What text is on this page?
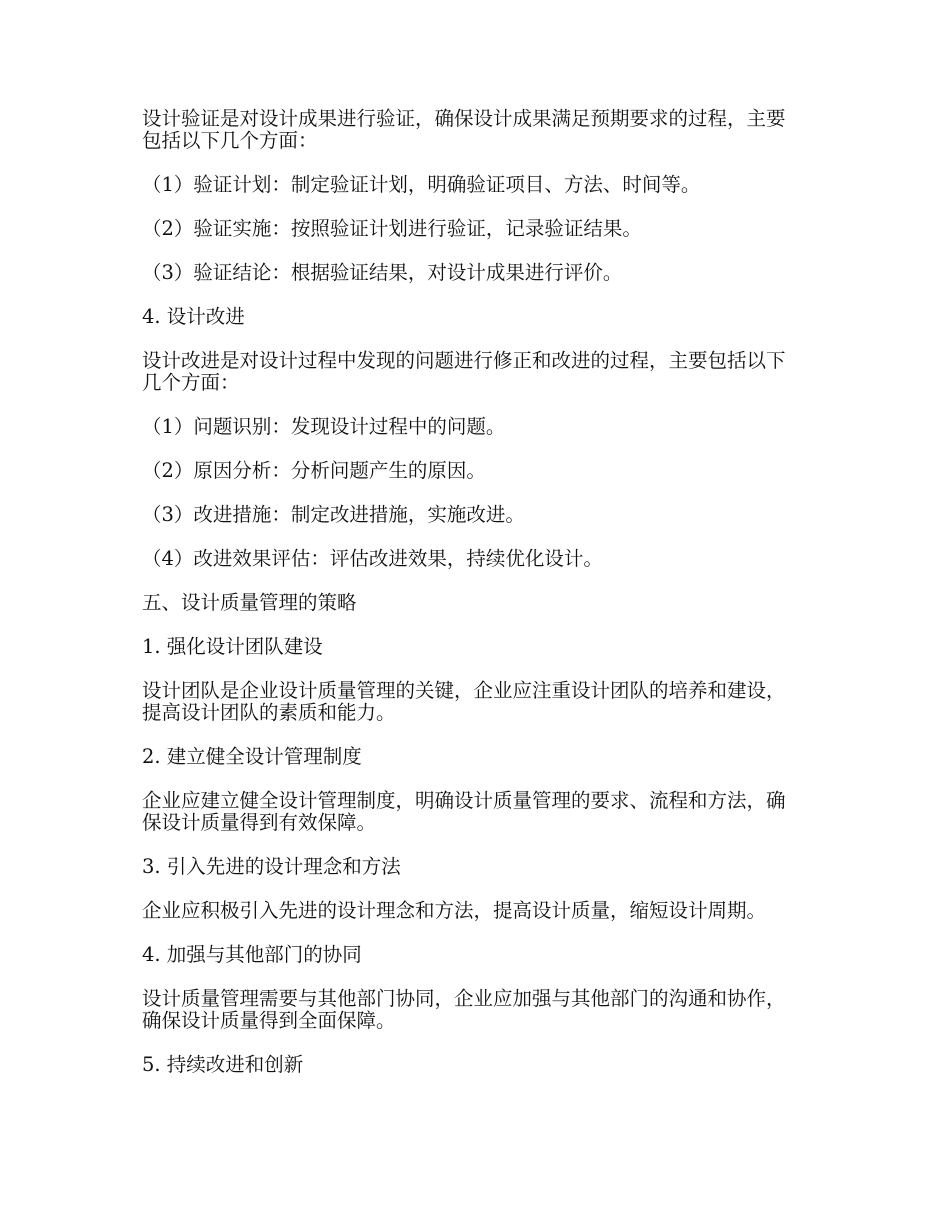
设计验证是对设计成果进行验证，确保设计成果满足预期要求的过程，主要包括以下几个方面：

（1）验证计划：制定验证计划，明确验证项目、方法、时间等。

（2）验证实施：按照验证计划进行验证，记录验证结果。

（3）验证结论：根据验证结果，对设计成果进行评价。

4. 设计改进

设计改进是对设计过程中发现的问题进行修正和改进的过程，主要包括以下几个方面：

（1）问题识别：发现设计过程中的问题。

（2）原因分析：分析问题产生的原因。

（3）改进措施：制定改进措施，实施改进。

（4）改进效果评估：评估改进效果，持续优化设计。

五、设计质量管理的策略

1. 强化设计团队建设

设计团队是企业设计质量管理的关键，企业应注重设计团队的培养和建设，提高设计团队的素质和能力。

2. 建立健全设计管理制度

企业应建立健全设计管理制度，明确设计质量管理的要求、流程和方法，确保设计质量得到有效保障。

3. 引入先进的设计理念和方法

企业应积极引入先进的设计理念和方法，提高设计质量，缩短设计周期。

4. 加强与其他部门的协同

设计质量管理需要与其他部门协同，企业应加强与其他部门的沟通和协作，确保设计质量得到全面保障。

5. 持续改进和创新
